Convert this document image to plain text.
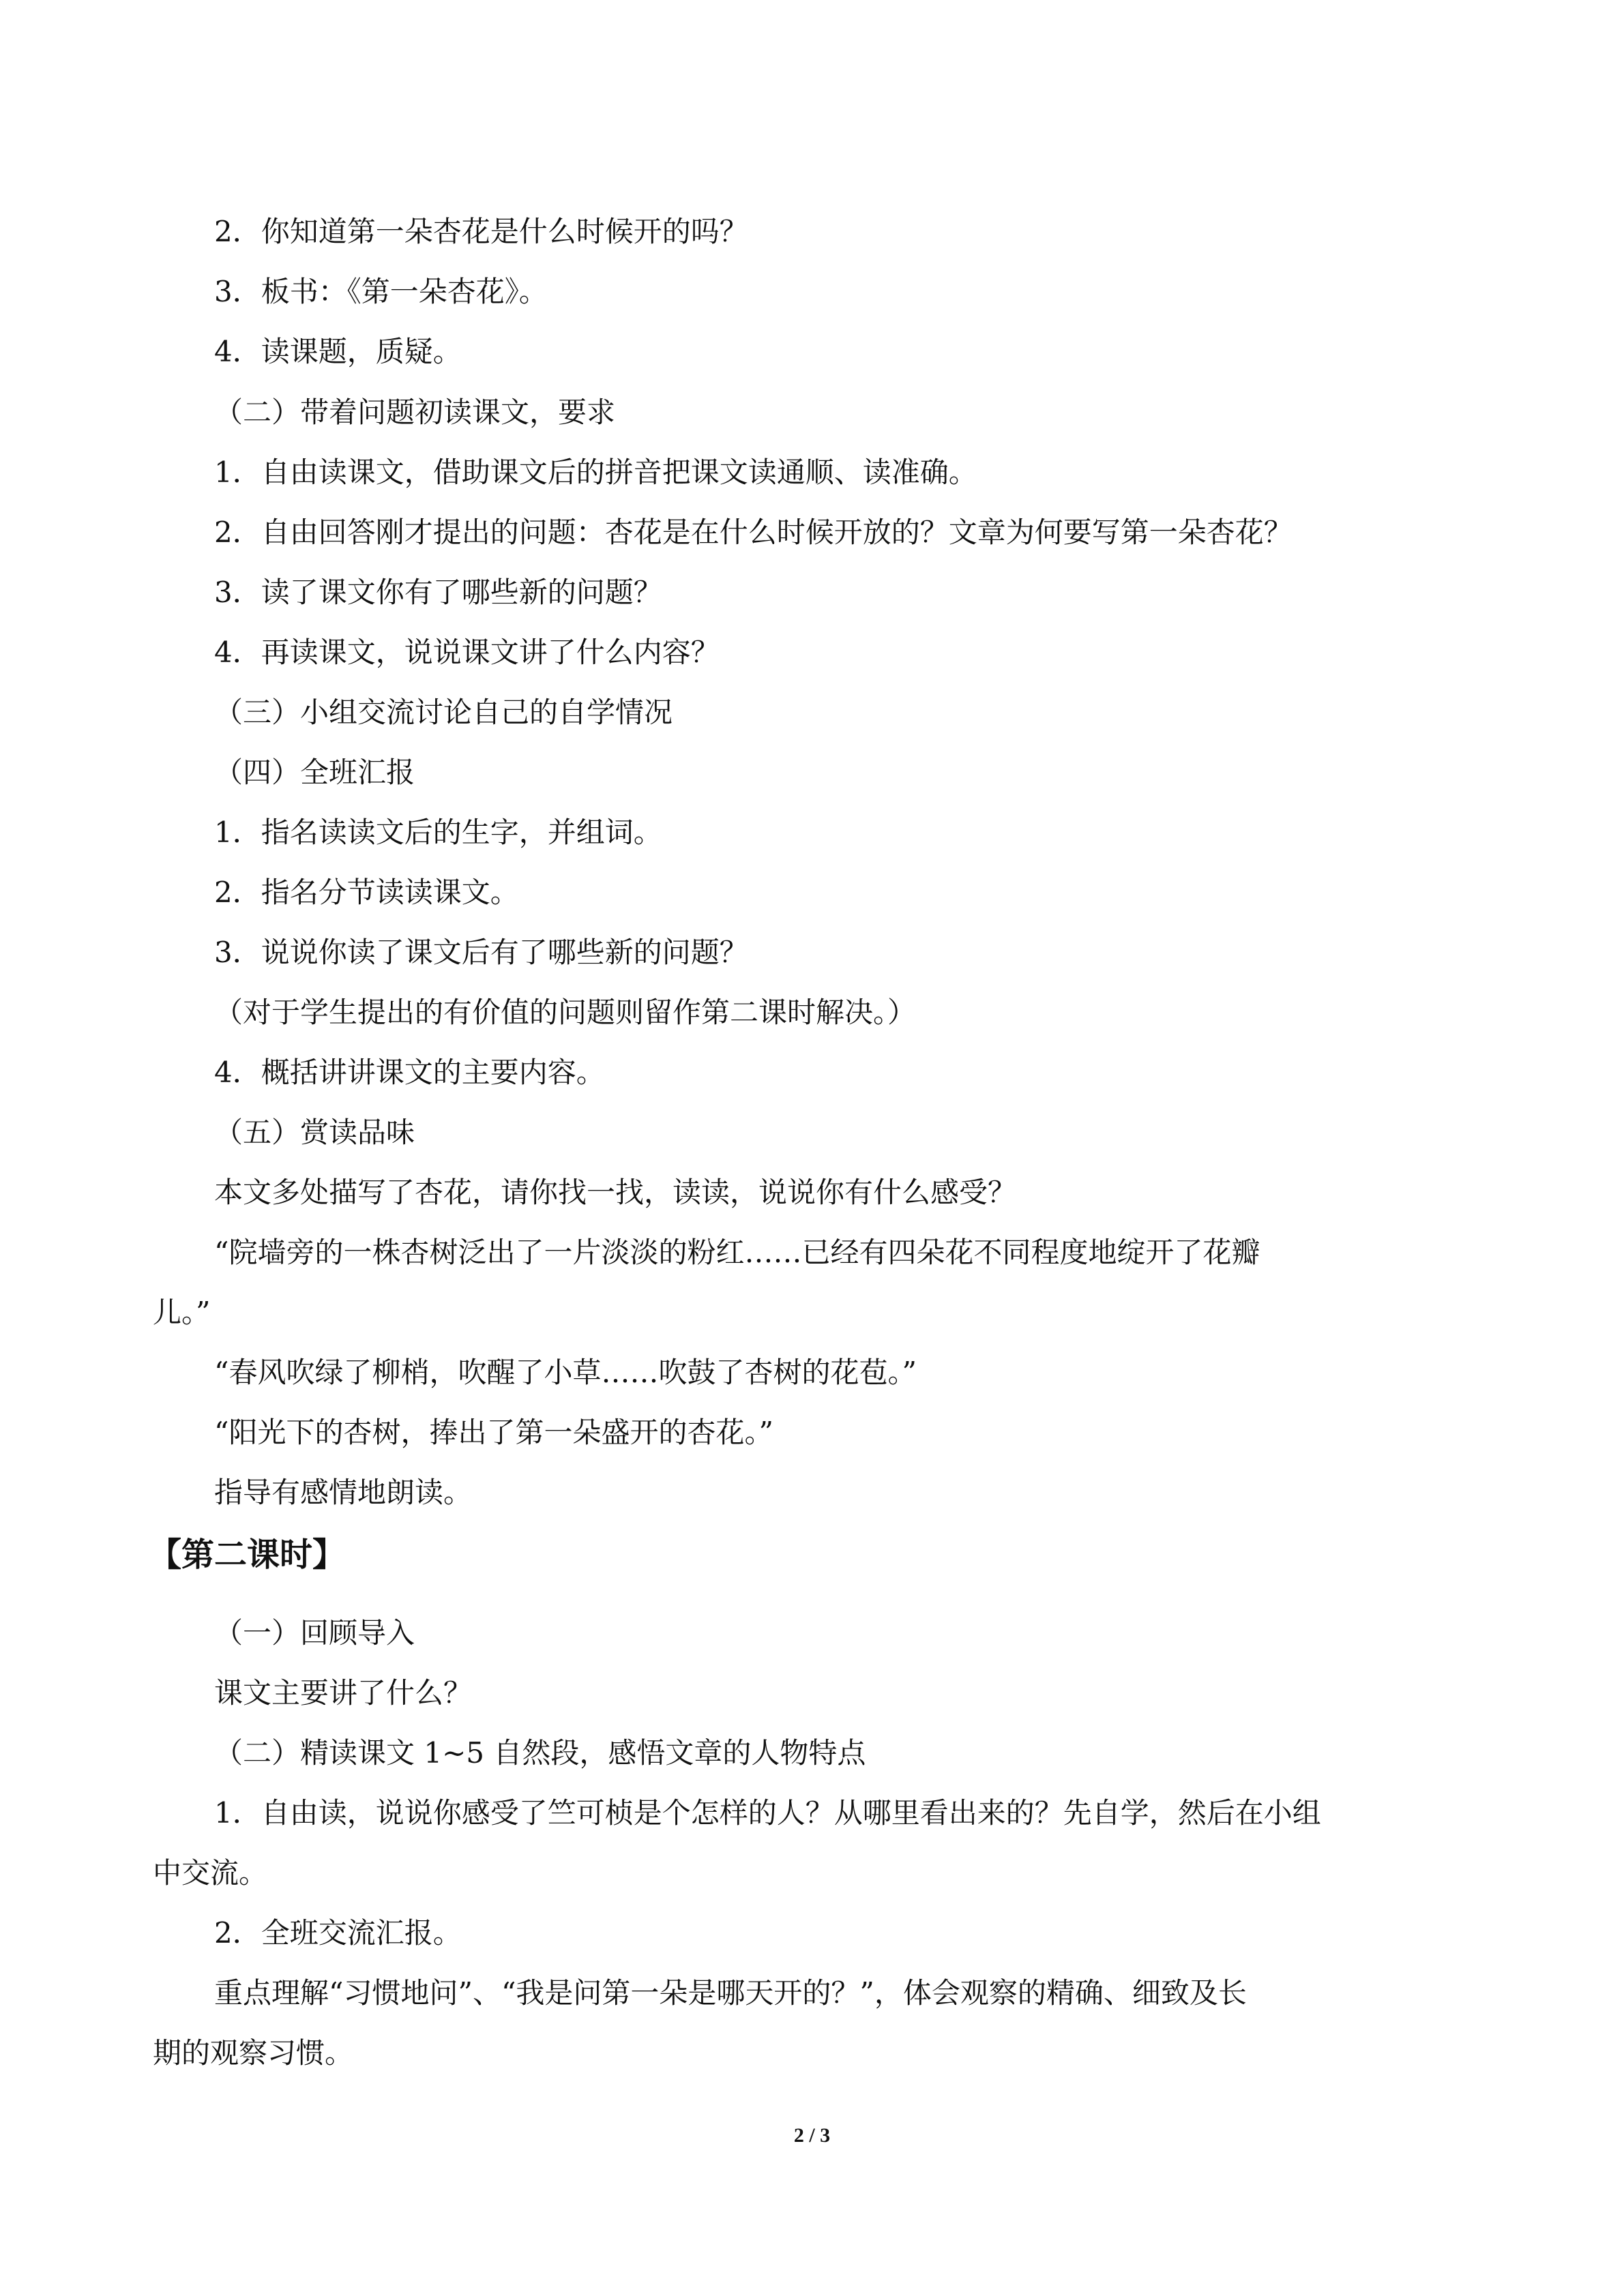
2．你知道第一朵杏花是什么时候开的吗？

3．板书：《第一朵杏花》。

4．读课题，质疑。

（二）带着问题初读课文，要求

1．自由读课文，借助课文后的拼音把课文读通顺、读准确。

2．自由回答刚才提出的问题：杏花是在什么时候开放的？文章为何要写第一朵杏花？

3．读了课文你有了哪些新的问题？

4．再读课文，说说课文讲了什么内容？

（三）小组交流讨论自己的自学情况

（四）全班汇报

1．指名读读文后的生字，并组词。

2．指名分节读读课文。

3．说说你读了课文后有了哪些新的问题？

（对于学生提出的有价值的问题则留作第二课时解决。）

4．概括讲讲课文的主要内容。

（五）赏读品味

本文多处描写了杏花，请你找一找，读读，说说你有什么感受？

“院墙旁的一株杏树泛出了一片淡淡的粉红……已经有四朵花不同程度地绽开了花瓣

儿。”

“春风吹绿了柳梢，吹醒了小草……吹鼓了杏树的花苞。”

“阳光下的杏树，捧出了第一朵盛开的杏花。”

指导有感情地朗读。

【第二课时】

（一）回顾导入

课文主要讲了什么？

（二）精读课文 1~5 自然段，感悟文章的人物特点

1．自由读，说说你感受了竺可桢是个怎样的人？从哪里看出来的？先自学，然后在小组

中交流。

2．全班交流汇报。

重点理解“习惯地问”、“我是问第一朵是哪天开的？”，体会观察的精确、细致及长

期的观察习惯。

2 / 3
